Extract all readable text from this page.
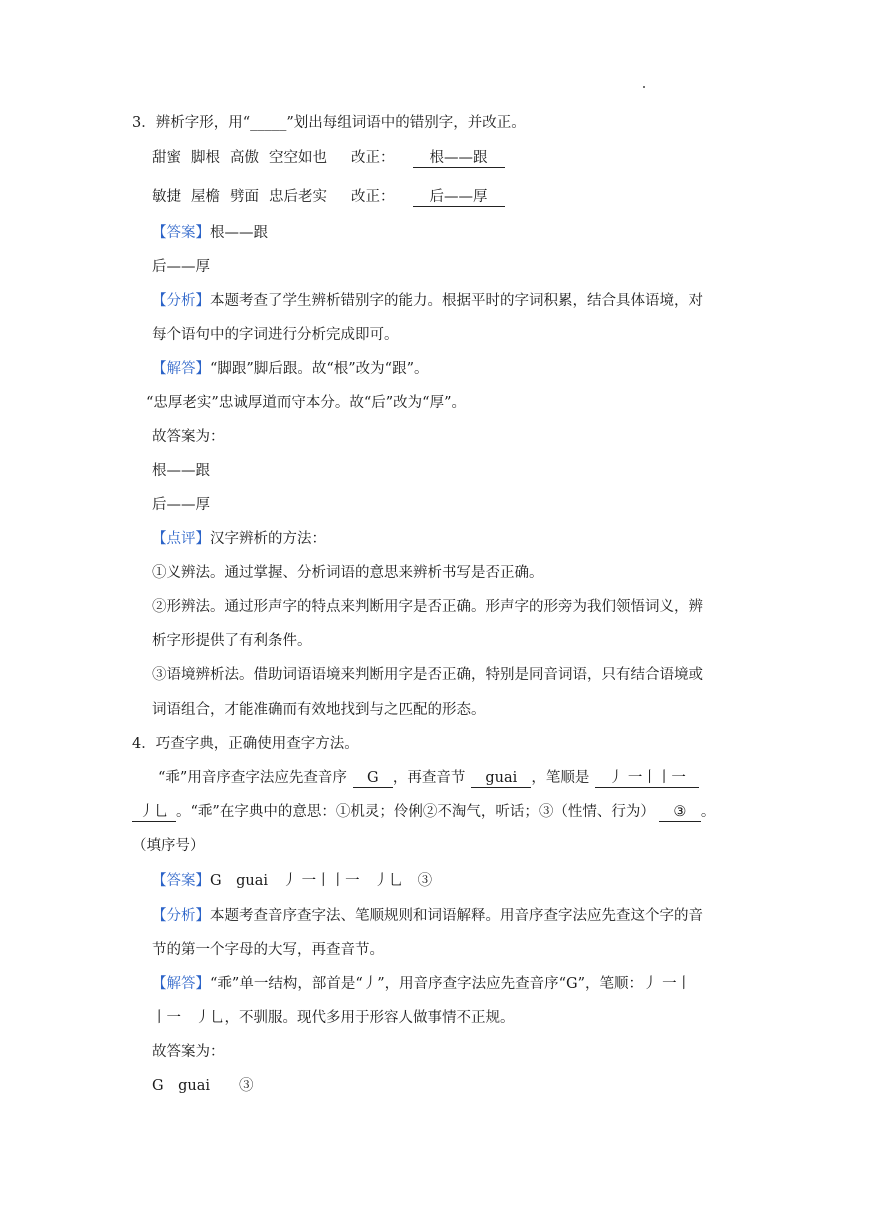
3．辨析字形，用“_____”划出每组词语中的错别字，并改正。
甜蜜 脚根 高傲 空空如也 改正： 根——跟
敏捷 屋檐 劈面 忠后老实 改正： 后——厚
【答案】根——跟
后——厚
【分析】本题考查了学生辨析错别字的能力。根据平时的字词积累，结合具体语境，对
每个语句中的字词进行分析完成即可。
【解答】“脚跟”脚后跟。故“根”改为“跟”。
“忠厚老实”忠诚厚道而守本分。故“后”改为“厚”。
故答案为：
根——跟
后——厚
【点评】汉字辨析的方法：
①义辨法。通过掌握、分析词语的意思来辨析书写是否正确。
②形辨法。通过形声字的特点来判断用字是否正确。形声字的形旁为我们领悟词义，辨
析字形提供了有利条件。
③语境辨析法。借助词语语境来判断用字是否正确，特别是同音词语，只有结合语境或
词语组合，才能准确而有效地找到与之匹配的形态。
4．巧查字典，正确使用查字方法。
“乖”用音序查字法应先查音序 G ，再查音节 guai ，笔顺是 丿 一丨丨一
丿乚 。“乖”在字典中的意思：①机灵；伶俐②不淘气，听话；③（性情、行为） ③ 。
（填序号）
【答案】G　guai　丿 一丨丨一　丿乚　③
【分析】本题考查音序查字法、笔顺规则和词语解释。用音序查字法应先查这个字的音
节的第一个字母的大写，再查音节。
【解答】“乖”单一结构，部首是“丿”，用音序查字法应先查音序“G”，笔顺：丿 一丨
丨一　丿乚，不驯服。现代多用于形容人做事情不正规。
故答案为：
G　guai　　③
